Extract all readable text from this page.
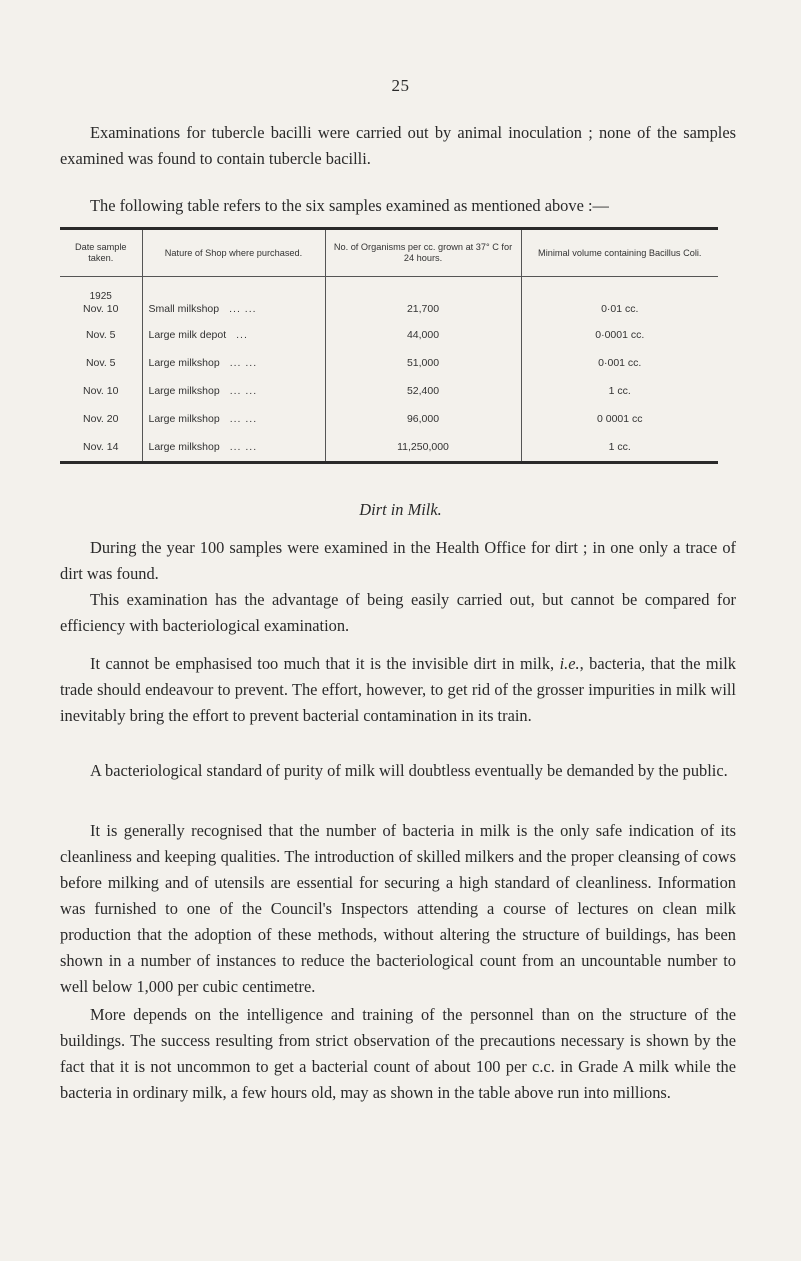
25

Examinations for tubercle bacilli were carried out by animal inoculation ; none of the samples examined was found to contain tubercle bacilli.

The following table refers to the six samples examined as mentioned above :—

Date sample taken.	Nature of Shop where purchased.	No. of Organisms per cc. grown at 37° C for 24 hours.	Minimal volume containing Bacillus Coli.

1925
Nov. 10	Small milkshop ... ...	21,700	0·01 cc.
Nov. 5	Large milk depot ...	44,000	0·0001 cc.
Nov. 5	Large milkshop ... ...	51,000	0·001 cc.
Nov. 10	Large milkshop ... ...	52,400	1 cc.
Nov. 20	Large milkshop ... ...	96,000	0 0001 cc
Nov. 14	Large milkshop ... ...	11,250,000	1 cc.
Dirt in Milk.

During the year 100 samples were examined in the Health Office for dirt ; in one only a trace of dirt was found.

This examination has the advantage of being easily carried out, but cannot be compared for efficiency with bacteriological examination.

It cannot be emphasised too much that it is the invisible dirt in milk, i.e., bacteria, that the milk trade should endeavour to prevent. The effort, however, to get rid of the grosser impurities in milk will inevitably bring the effort to prevent bacterial contamination in its train.

A bacteriological standard of purity of milk will doubtless eventually be demanded by the public.

It is generally recognised that the number of bacteria in milk is the only safe indication of its cleanliness and keeping qualities. The introduction of skilled milkers and the proper cleansing of cows before milking and of utensils are essential for securing a high standard of cleanliness. Information was furnished to one of the Council's Inspectors attending a course of lectures on clean milk production that the adoption of these methods, without altering the structure of buildings, has been shown in a number of instances to reduce the bacteriological count from an uncountable number to well below 1,000 per cubic centimetre.

More depends on the intelligence and training of the personnel than on the structure of the buildings. The success resulting from strict observation of the precautions necessary is shown by the fact that it is not uncommon to get a bacterial count of about 100 per c.c. in Grade A milk while the bacteria in ordinary milk, a few hours old, may as shown in the table above run into millions.
